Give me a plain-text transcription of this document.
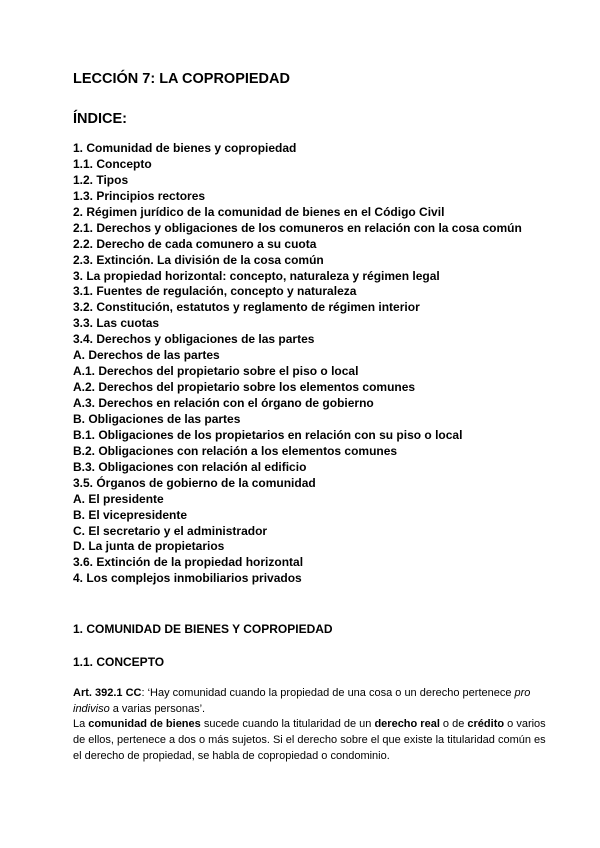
LECCIÓN 7: LA COPROPIEDAD
ÍNDICE:
1. Comunidad de bienes y copropiedad
1.1. Concepto
1.2. Tipos
1.3. Principios rectores
2. Régimen jurídico de la comunidad de bienes en el Código Civil
2.1. Derechos y obligaciones de los comuneros en relación con la cosa común
2.2. Derecho de cada comunero a su cuota
2.3. Extinción. La división de la cosa común
3. La propiedad horizontal: concepto, naturaleza y régimen legal
3.1. Fuentes de regulación, concepto y naturaleza
3.2. Constitución, estatutos y reglamento de régimen interior
3.3. Las cuotas
3.4. Derechos y obligaciones de las partes
A. Derechos de las partes
A.1. Derechos del propietario sobre el piso o local
A.2. Derechos del propietario sobre los elementos comunes
A.3. Derechos en relación con el órgano de gobierno
B. Obligaciones de las partes
B.1. Obligaciones de los propietarios en relación con su piso o local
B.2. Obligaciones con relación a los elementos comunes
B.3. Obligaciones con relación al edificio
3.5. Órganos de gobierno de la comunidad
A. El presidente
B. El vicepresidente
C. El secretario y el administrador
D. La junta de propietarios
3.6. Extinción de la propiedad horizontal
4. Los complejos inmobiliarios privados
1. COMUNIDAD DE BIENES Y COPROPIEDAD
1.1. CONCEPTO

Art. 392.1 CC: ‘Hay comunidad cuando la propiedad de una cosa o un derecho pertenece pro indiviso a varias personas’.

La comunidad de bienes sucede cuando la titularidad de un derecho real o de crédito o varios de ellos, pertenece a dos o más sujetos. Si el derecho sobre el que existe la titularidad común es el derecho de propiedad, se habla de copropiedad o condominio.
